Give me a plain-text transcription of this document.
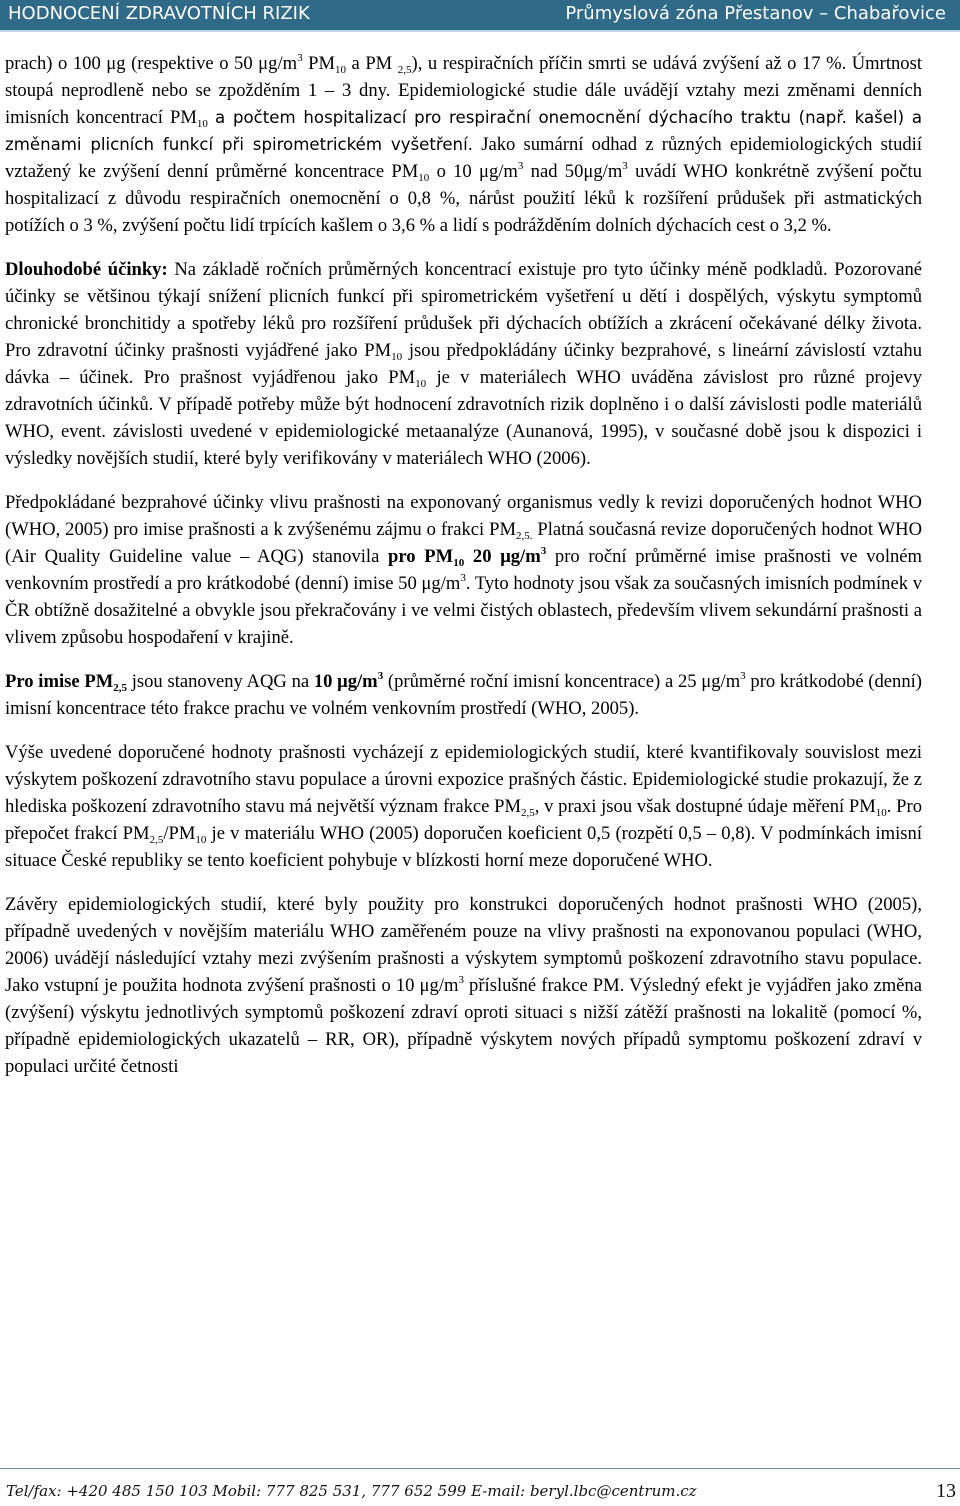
HODNOCENÍ ZDRAVOTNÍCH RIZIK	Průmyslová zóna Přestanov – Chabařovice

prach) o 100 μg (respektive o 50 $\mu g/m^3$ $PM_{10}$ a PM $_{2,5}$), u respiračních příčin smrti se udává zvýšení až o 17 %. Úmrtnost stoupá neprodleně nebo se zpožděním 1 – 3 dny. Epidemiologické studie dále uvádějí vztahy mezi změnami denních imisních koncentrací $PM_{10}$ a počtem hospitalizací pro respirační onemocnění dýchacího traktu (např. kašel) a změnami plicních funkcí při spirometrickém vyšetření. Jako sumární odhad z různých epidemiologických studií vztažený ke zvýšení denní průměrné koncentrace $PM_{10}$ o 10 $\mu g/m^3$ nad $50\mu g/m^3$ uvádí WHO konkrétně zvýšení počtu hospitalizací z důvodu respiračních onemocnění o 0,8 %, nárůst použití léků k rozšíření průdušek při astmatických potížích o 3 %, zvýšení počtu lidí trpících kašlem o 3,6 % a lidí s podrážděním dolních dýchacích cest o 3,2 %.

Dlouhodobé účinky: Na základě ročních průměrných koncentrací existuje pro tyto účinky méně podkladů. Pozorované účinky se většinou týkají snížení plicních funkcí při spirometrickém vyšetření u dětí i dospělých, výskytu symptomů chronické bronchitidy a spotřeby léků pro rozšíření průdušek při dýchacích obtížích a zkrácení očekávané délky života. Pro zdravotní účinky prašnosti vyjádřené jako $PM_{10}$ jsou předpokládány účinky bezprahové, s lineární závislostí vztahu dávka – účinek. Pro prašnost vyjádřenou jako $PM_{10}$ je v materiálech WHO uváděna závislost pro různé projevy zdravotních účinků. V případě potřeby může být hodnocení zdravotních rizik doplněno i o další závislosti podle materiálů WHO, event. závislosti uvedené v epidemiologické metaanalýze (Aunanová, 1995), v současné době jsou k dispozici i výsledky novějších studií, které byly verifikovány v materiálech WHO (2006).

Předpokládané bezprahové účinky vlivu prašnosti na exponovaný organismus vedly k revizi doporučených hodnot WHO (WHO, 2005) pro imise prašnosti a k zvýšenému zájmu o frakci $PM_{2,5.}$ Platná současná revize doporučených hodnot WHO (Air Quality Guideline value – AQG) stanovila pro $PM_{10}$ 20 $\mu g/m^3$ pro roční průměrné imise prašnosti ve volném venkovním prostředí a pro krátkodobé (denní) imise 50 $\mu g/m^3$. Tyto hodnoty jsou však za současných imisních podmínek v ČR obtížně dosažitelné a obvykle jsou překračovány i ve velmi čistých oblastech, především vlivem sekundární prašnosti a vlivem způsobu hospodaření v krajině.

Pro imise $PM_{2,5}$ jsou stanoveny AQG na 10 $\mu g/m^3$ (průměrné roční imisní koncentrace) a 25 $\mu g/m^3$ pro krátkodobé (denní) imisní koncentrace této frakce prachu ve volném venkovním prostředí (WHO, 2005).

Výše uvedené doporučené hodnoty prašnosti vycházejí z epidemiologických studií, které kvantifikovaly souvislost mezi výskytem poškození zdravotního stavu populace a úrovni expozice prašných částic. Epidemiologické studie prokazují, že z hlediska poškození zdravotního stavu má největší význam frakce $PM_{2,5}$, v praxi jsou však dostupné údaje měření $PM_{10}$. Pro přepočet frakcí $PM_{2,5}/PM_{10}$ je v materiálu WHO (2005) doporučen koeficient 0,5 (rozpětí 0,5 – 0,8). V podmínkách imisní situace České republiky se tento koeficient pohybuje v blízkosti horní meze doporučené WHO.

Závěry epidemiologických studií, které byly použity pro konstrukci doporučených hodnot prašnosti WHO (2005), případně uvedených v novějším materiálu WHO zaměřeném pouze na vlivy prašnosti na exponovanou populaci (WHO, 2006) uvádějí následující vztahy mezi zvýšením prašnosti a výskytem symptomů poškození zdravotního stavu populace. Jako vstupní je použita hodnota zvýšení prašnosti o 10 $\mu g/m^3$ příslušné frakce PM. Výsledný efekt je vyjádřen jako změna (zvýšení) výskytu jednotlivých symptomů poškození zdraví oproti situaci s nižší zátěží prašnosti na lokalitě (pomocí %, případně epidemiologických ukazatelů – RR, OR), případně výskytem nových případů symptomu poškození zdraví v populaci určité četnosti

Tel/fax: +420 485 150 103 Mobil: 777 825 531, 777 652 599 E-mail: beryl.lbc@centrum.cz	13
